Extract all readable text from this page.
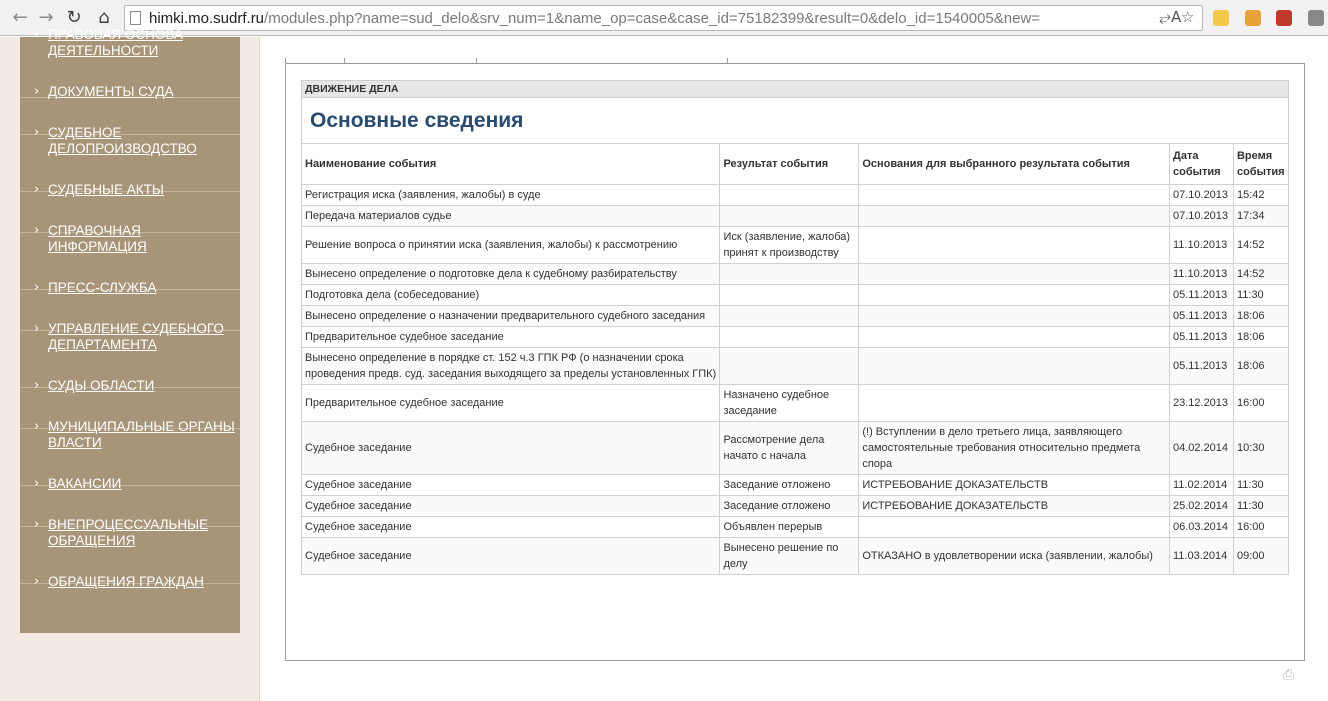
← → ↻ ⌂	himki.mo.sudrf.ru/modules.php?name=sud_delo&srv_num=1&name_op=case&case_id=75182399&result=0&delo_id=1540005&new=	⥂A ☆
› ПРАВОВАЯ ОСНОВА ДЕЯТЕЛЬНОСТИ
› ДОКУМЕНТЫ СУДА
› СУДЕБНОЕ ДЕЛОПРОИЗВОДСТВО
› СУДЕБНЫЕ АКТЫ
› СПРАВОЧНАЯ ИНФОРМАЦИЯ
› ПРЕСС-СЛУЖБА
› УПРАВЛЕНИЕ СУДЕБНОГО ДЕПАРТАМЕНТА
› СУДЫ ОБЛАСТИ
› МУНИЦИПАЛЬНЫЕ ОРГАНЫ ВЛАСТИ
› ВАКАНСИИ
› ВНЕПРОЦЕССУАЛЬНЫЕ ОБРАЩЕНИЯ
› ОБРАЩЕНИЯ ГРАЖДАН
ДВИЖЕНИЕ ДЕЛА				
Основные сведения				
Наименование события	Результат события	Основания для выбранного результата события	Дата события	Время события
Регистрация иска (заявления, жалобы) в суде			07.10.2013	15:42
Передача материалов судье			07.10.2013	17:34
Решение вопроса о принятии иска (заявления, жалобы) к рассмотрению	Иск (заявление, жалоба) принят к производству		11.10.2013	14:52
Вынесено определение о подготовке дела к судебному разбирательству			11.10.2013	14:52
Подготовка дела (собеседование)			05.11.2013	11:30
Вынесено определение о назначении предварительного судебного заседания			05.11.2013	18:06
Предварительное судебное заседание			05.11.2013	18:06
Вынесено определение в порядке ст. 152 ч.3 ГПК РФ (о назначении срока проведения предв. суд. заседания выходящего за пределы установленных ГПК)			05.11.2013	18:06
Предварительное судебное заседание	Назначено судебное заседание		23.12.2013	16:00
Судебное заседание	Рассмотрение дела начато с начала	(!) Вступлении в дело третьего лица, заявляющего самостоятельные требования относительно предмета спора	04.02.2014	10:30
Судебное заседание	Заседание отложено	ИСТРЕБОВАНИЕ ДОКАЗАТЕЛЬСТВ	11.02.2014	11:30
Судебное заседание	Заседание отложено	ИСТРЕБОВАНИЕ ДОКАЗАТЕЛЬСТВ	25.02.2014	11:30
Судебное заседание	Объявлен перерыв		06.03.2014	16:00
Судебное заседание	Вынесено решение по делу	ОТКАЗАНО в удовлетворении иска (заявлении, жалобы)	11.03.2014	09:00
⎙
